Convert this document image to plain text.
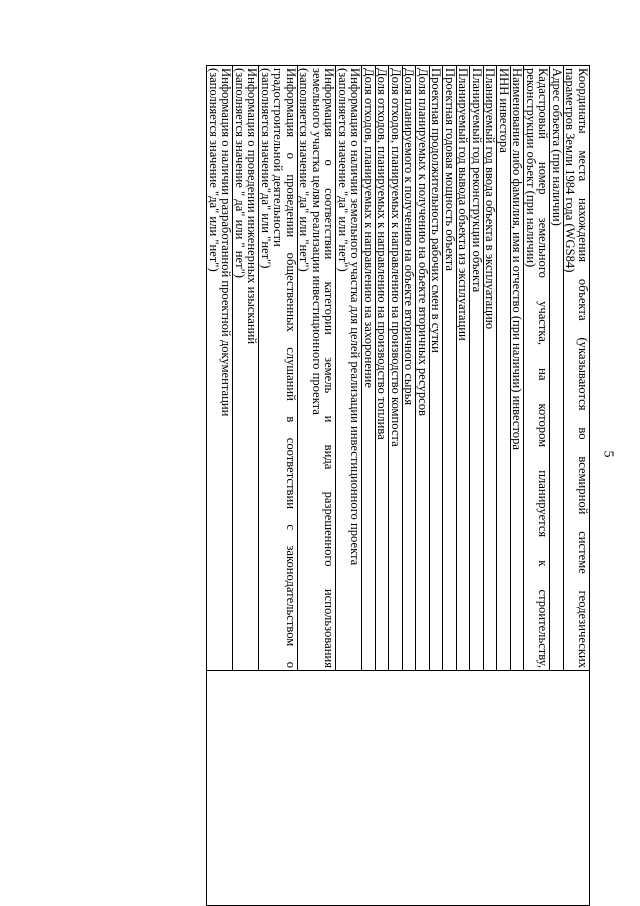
5
Координаты места нахождения объекта (указываются во всемирной системе геодезических
параметров Земли 1984 года (WGS84)

Адрес объекта (при наличии)

Кадастровый номер земельного участка, на котором планируется к строительству,
реконструкции объект (при наличии)

Наименование либо фамилия, имя и отчество (при наличии) инвестора

ИНН инвестора

Планируемый год ввода объекта в эксплуатацию

Планируемый год реконструкции объекта

Планируемый год вывода объекта из эксплуатации

Проектная годовая мощность объекта

Проектная продолжительность рабочих смен в сутки

Доля планируемых к получению на объекте вторичных ресурсов

Доля планируемого к получению на объекте вторичного сырья

Доля отходов, планируемых к направлению на производство компоста

Доля отходов, планируемых к направлению на производство топлива

Доля отходов, планируемых к направлению на захоронение

Информация о наличии земельного участка для целей реализации инвестиционного проекта
(заполняется значение "да" или "нет")

Информация о соответствии категории земель и вида разрешенного использования
земельного участка целям реализации инвестиционного проекта
(заполняется значение "да" или "нет")

Информация о проведении общественных слушаний в соответствии с законодательством о
градостроительной деятельности
(заполняется значение"да" или "нет")

Информация о проведении инженерных изысканий
(заполняется значение " да" или " нет")

Информация о наличии разработанной проектной документации
(заполняется значение "да" или "нет")
